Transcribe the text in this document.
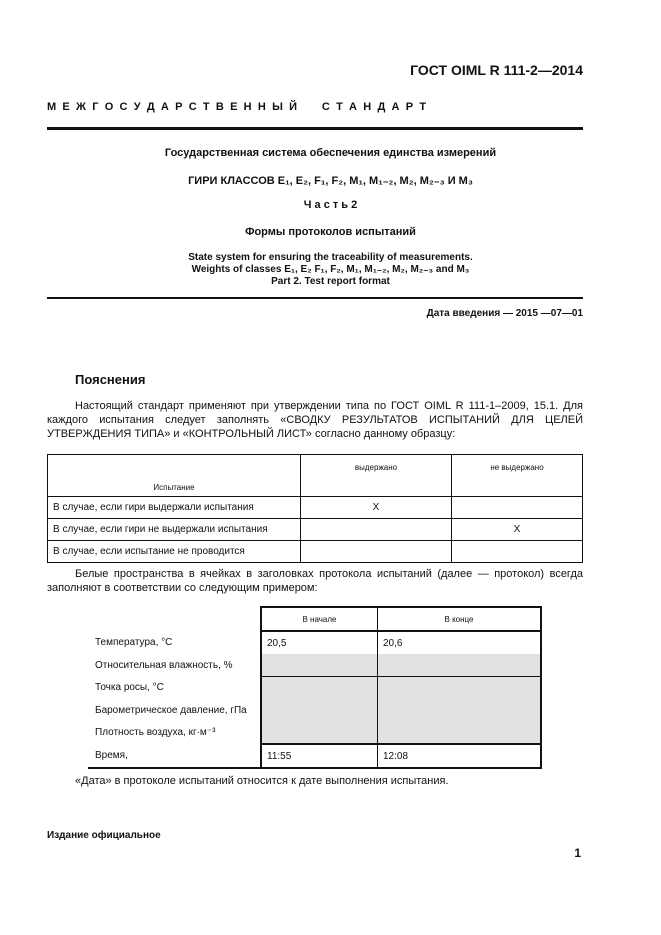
ГОСТ OIML R 111-2—2014
М Е Ж Г О С У Д А Р С Т В Е Н Н Ы Й     С Т А Н Д А Р Т
Государственная система обеспечения единства измерений
ГИРИ КЛАССОВ E₁, E₂, F₁, F₂, M₁, M₁₋₂, M₂, M₂₋₃ И M₃
Ч а с т ь 2
Формы протоколов испытаний
State system for ensuring the traceability of measurements.
Weights of classes E₁, E₂ F₁, F₂, M₁, M₁₋₂, M₂, M₂₋₃ and M₃
Part 2. Test report format
Дата введения — 2015 —07—01
Пояснения

Настоящий стандарт применяют при утверждении типа по ГОСТ OIML R 111-1–2009, 15.1. Для каждого испытания следует заполнять «СВОДКУ РЕЗУЛЬТАТОВ ИСПЫТАНИЙ ДЛЯ ЦЕЛЕЙ УТВЕРЖДЕНИЯ ТИПА» и «КОНТРОЛЬНЫЙ ЛИСТ» согласно данному образцу:

Испытание	выдержано	не выдержано
В случае, если гири выдержали испытания	X	
В случае, если гири не выдержали испытания		X
В случае, если испытание не проводится		

Белые пространства в ячейках в заголовках протокола испытаний (далее — протокол) всегда заполняют в соответствии со следующим примером:

	В начале	В конце
Температура, °C	20,5	20,6
Относительная влажность, %		
Точка росы, °C		
Барометрическое давление, гПа		
Плотность воздуха, кг·м⁻³		
Время,	11:55	12:08

«Дата» в протоколе испытаний относится к дате выполнения испытания.

Издание официальное
1
